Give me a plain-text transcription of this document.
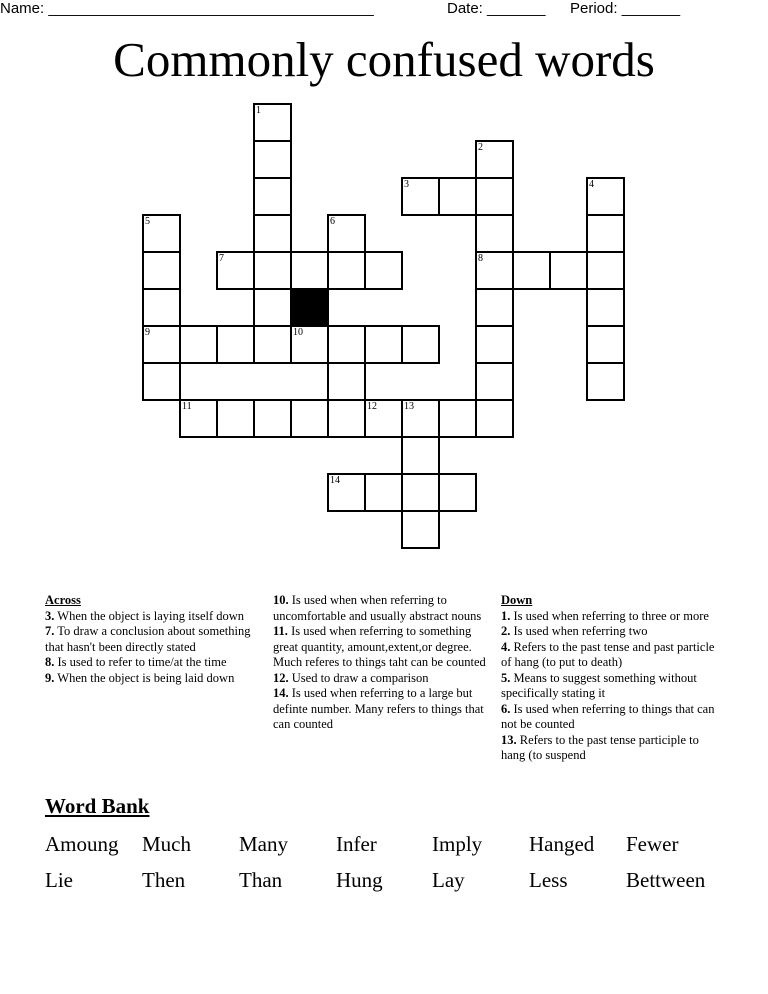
Name: _______________________________________	Date: _______ Period: _______
Commonly confused words
1
2
8
3	4
5
9
6
7
10
11	12	13
14
Across
3. When the object is laying itself down
7. To draw a conclusion about something that hasn't been directly stated
8. Is used to refer to time/at the time
9. When the object is being laid down
10. Is used when when referring to uncomfortable and usually abstract nouns
11. Is used when referring to something great quantity, amount,extent,or degree. Much referes to things taht can be counted
12. Used to draw a comparison
14. Is used when referring to a large but definte number. Many refers to things that can counted
Down
1. Is used when referring to three or more
2. Is used when referring two
4. Refers to the past tense and past particle of hang (to put to death)
5. Means to suggest something without specifically stating it
6. Is used when referring to things that can not be counted
13. Refers to the past tense participle to hang (to suspend
Word Bank
Amoung Much Many Infer	Imply Hanged Fewer
Lie	Then	Than	Hung Lay	Less	Bettween
